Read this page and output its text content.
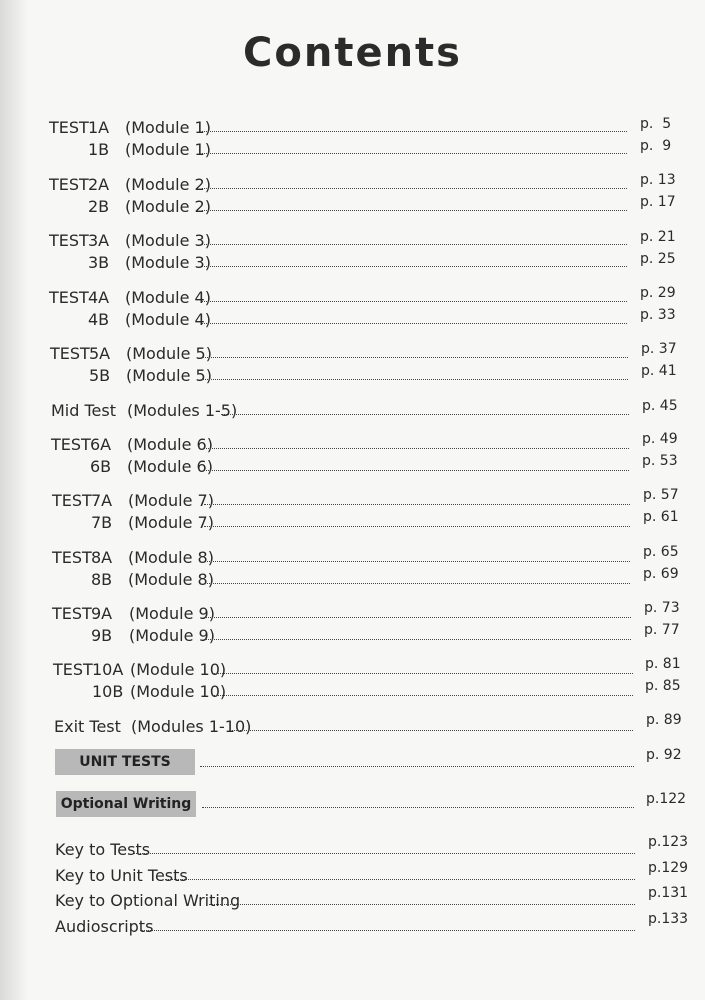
Contents
TEST 1A (Module 1)	p.  5
1B (Module 1)	p.  9
TEST 2A (Module 2)	p. 13
2B (Module 2)	p. 17
TEST 3A (Module 3)	p. 21
3B (Module 3)	p. 25
TEST 4A (Module 4)	p. 29
4B (Module 4)	p. 33
TEST 5A (Module 5)	p. 37
5B (Module 5)	p. 41
Mid Test (Modules 1-5)	p. 45
TEST 6A (Module 6)	p. 49
6B (Module 6)	p. 53
TEST 7A (Module 7)	p. 57
7B (Module 7)	p. 61
TEST 8A (Module 8)	p. 65
8B (Module 8)	p. 69
TEST 9A (Module 9)	p. 73
9B (Module 9)	p. 77
TEST 10A (Module 10)	p. 81
10B (Module 10)	p. 85
Exit Test (Modules 1-10)	p. 89
UNIT TESTS	p. 92
Optional Writing	p.122
Key to Tests	p.123
Key to Unit Tests	p.129
Key to Optional Writing	p.131
Audioscripts	p.133
